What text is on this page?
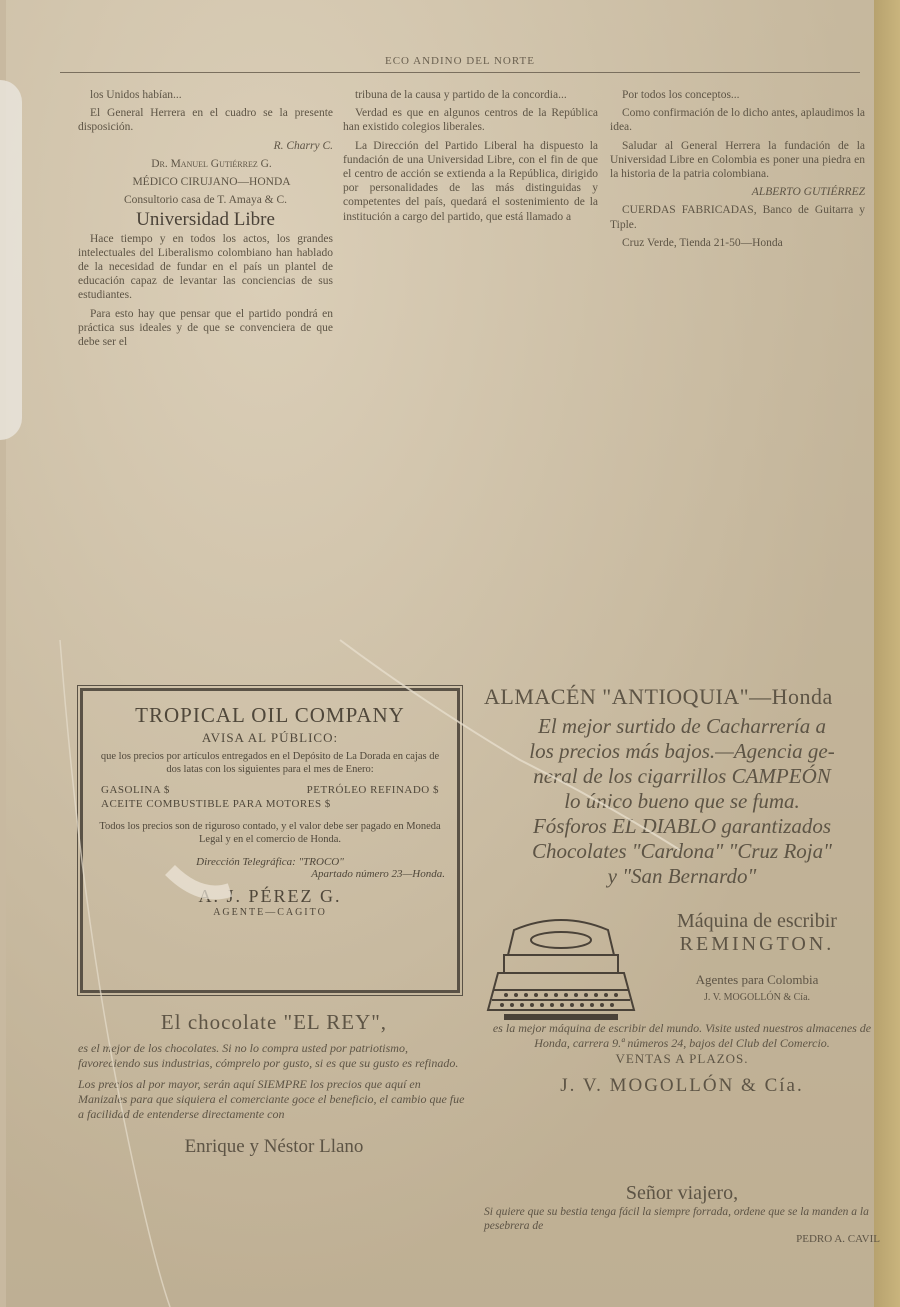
ECO ANDINO DEL NORTE

los Unidos habían...

El General Herrera en el cuadro se la presente disposición.

R. Charry C.

Dr. Manuel Gutiérrez G.

MÉDICO CIRUJANO—HONDA

Consultorio casa de T. Amaya & C.

Universidad Libre

Hace tiempo y en todos los actos, los grandes intelectuales del Liberalismo colombiano han hablado de la necesidad de fundar en el país un plantel de educación capaz de levantar las conciencias de sus estudiantes.

Para esto hay que pensar que el partido pondrá en práctica sus ideales y de que se convenciera de que debe ser el

tribuna de la causa y partido de la concordia...

Verdad es que en algunos centros de la República han existido colegios liberales.

La Dirección del Partido Liberal ha dispuesto la fundación de una Universidad Libre, con el fin de que el centro de acción se extienda a la República, dirigido por personalidades de las más distinguidas y competentes del país, quedará el sostenimiento de la institución a cargo del partido, que está llamado a

Por todos los conceptos...

Como confirmación de lo dicho antes, aplaudimos la idea.

Saludar al General Herrera la fundación de la Universidad Libre en Colombia es poner una piedra en la historia de la patria colombiana.

ALBERTO GUTIÉRREZ

CUERDAS FABRICADAS, Banco de Guitarra y Tiple.

Cruz Verde, Tienda 21-50—Honda

TROPICAL OIL COMPANY
AVISA AL PÚBLICO:
que los precios por artículos entregados en el Depósito de La Dorada en cajas de dos latas con los siguientes para el mes de Enero:
GASOLINA $	PETRÓLEO REFINADO $
ACEITE COMBUSTIBLE PARA MOTORES $
Todos los precios son de riguroso contado, y el valor debe ser pagado en Moneda Legal y en el comercio de Honda.
Dirección Telegráfica: "TROCO"
Apartado número 23—Honda.
A. J. PÉREZ G.
AGENTE—CAGITO
El chocolate "EL REY",
es el mejor de los chocolates. Si no lo compra usted por patriotismo, favoreciendo sus industrias, cómprelo por gusto, si es que su gusto es refinado.
Los precios al por mayor, serán aquí SIEMPRE los precios que aquí en Manizales para que siquiera el comerciante goce el beneficio, el cambio que fue a facilidad de entenderse directamente con
Enrique y Néstor Llano
ALMACÉN "ANTIOQUIA"—Honda
El mejor surtido de Cacharrería a
los precios más bajos.—Agencia ge-
neral de los cigarrillos CAMPEÓN
lo único bueno que se fuma.
Fósforos EL DIABLO garantizados
Chocolates "Cardona" "Cruz Roja"
y "San Bernardo"
Máquina de escribir
REMINGTON.
Agentes para Colombia
J. V. MOGOLLÓN & Cía.
es la mejor máquina de escribir del mundo. Visite usted nuestros almacenes de Honda, carrera 9.ª números 24, bajos del Club del Comercio.
VENTAS A PLAZOS.
J. V. MOGOLLÓN & Cía.
Señor viajero,
Si quiere que su bestia tenga fácil la siempre forrada, ordene que se la manden a la pesebrera de
PEDRO A. CAVIL
